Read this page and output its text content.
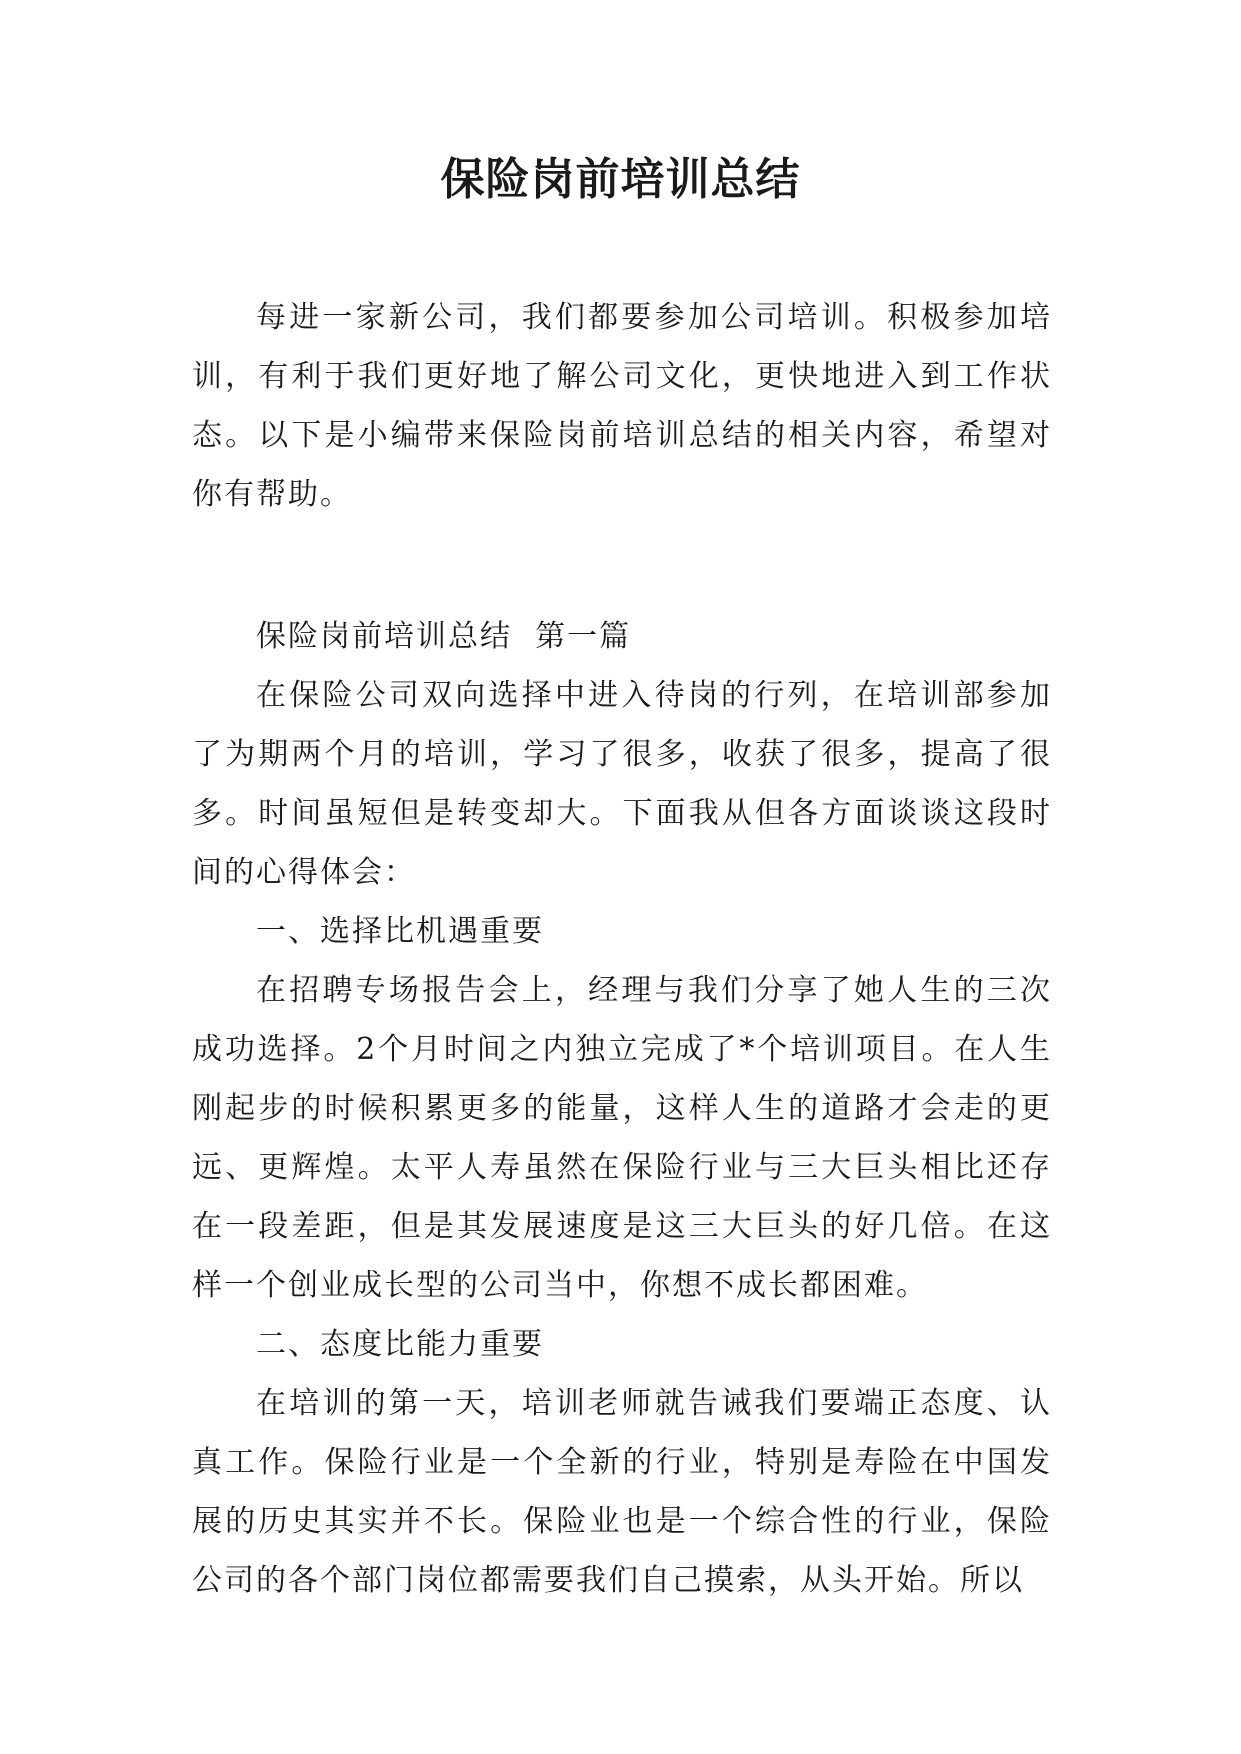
保险岗前培训总结

每进一家新公司，我们都要参加公司培训。积极参加培训，有利于我们更好地了解公司文化，更快地进入到工作状态。以下是小编带来保险岗前培训总结的相关内容，希望对你有帮助。

保险岗前培训总结  第一篇

在保险公司双向选择中进入待岗的行列，在培训部参加了为期两个月的培训，学习了很多，收获了很多，提高了很多。时间虽短但是转变却大。下面我从但各方面谈谈这段时间的心得体会：

一、选择比机遇重要

在招聘专场报告会上，经理与我们分享了她人生的三次成功选择。2个月时间之内独立完成了*个培训项目。在人生刚起步的时候积累更多的能量，这样人生的道路才会走的更远、更辉煌。太平人寿虽然在保险行业与三大巨头相比还存在一段差距，但是其发展速度是这三大巨头的好几倍。在这样一个创业成长型的公司当中，你想不成长都困难。

二、态度比能力重要

在培训的第一天，培训老师就告诫我们要端正态度、认真工作。保险行业是一个全新的行业，特别是寿险在中国发展的历史其实并不长。保险业也是一个综合性的行业，保险公司的各个部门岗位都需要我们自己摸索，从头开始。所以
